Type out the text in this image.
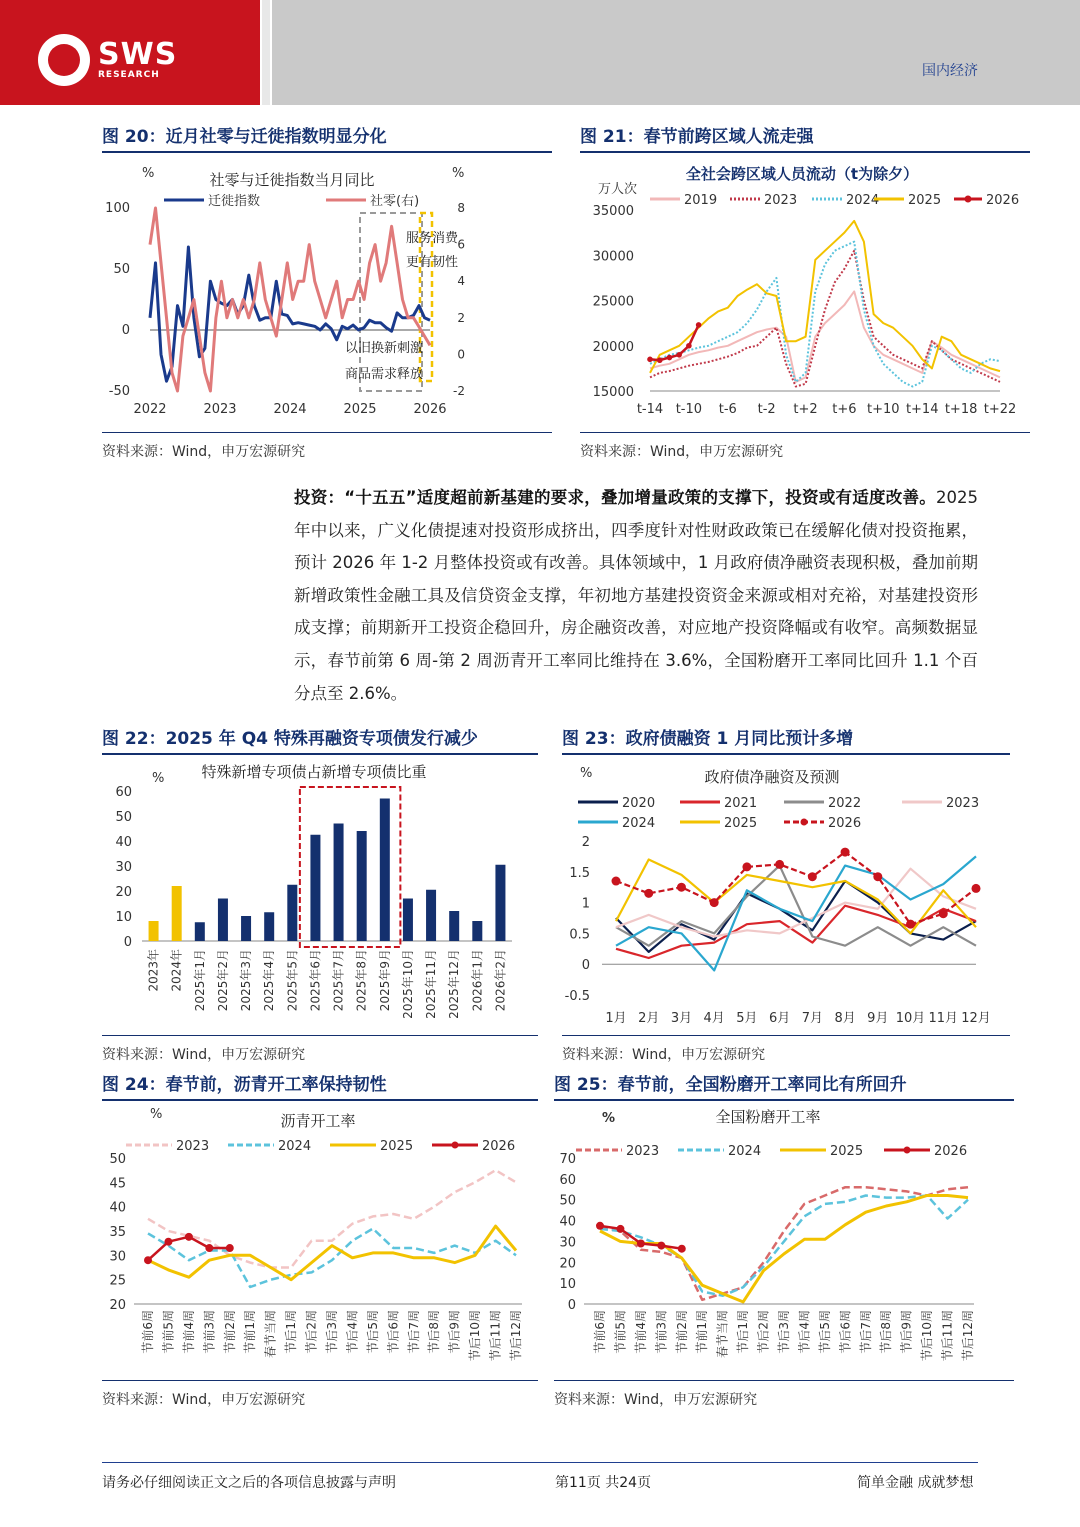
SWS
RESEARCH	国内经济
图 20：近月社零与迁徙指数明显分化
社零与迁徙指数当月同比
%	%
100
50
0
-50
8
6
4
2
0
-2
2022	2023	2024	2025	2026
迁徙指数	社零(右)
服务消费
更有韧性
以旧换新刺激
商品需求释放
资料来源：Wind，申万宏源研究
图 21：春节前跨区域人流走强
全社会跨区域人员流动（t为除夕）
万人次
35000
30000
25000
20000
15000
t-14 t-10 t-6 t-2 t+2 t+6 t+10 t+14 t+18 t+22
2019	2023	2024 2025	2026
资料来源：Wind，申万宏源研究
投资：“十五五”适度超前新基建的要求，叠加增量政策的支撑下，投资或有适度改善。2025 年中以来，广义化债提速对投资形成挤出，四季度针对性财政政策已在缓解化债对投资拖累，预计 2026 年 1-2 月整体投资或有改善。具体领域中，1 月政府债净融资表现积极，叠加前期新增政策性金融工具及信贷资金支撑，年初地方基建投资资金来源或相对充裕，对基建投资形成支撑；前期新开工投资企稳回升，房企融资改善，对应地产投资降幅或有收窄。高频数据显示，春节前第 6 周-第 2 周沥青开工率同比维持在 3.6%，全国粉磨开工率同比回升 1.1 个百分点至 2.6%。
图 22：2025 年 Q4 特殊再融资专项债发行减少
特殊新增专项债占新增专项债比重
%
60
50
40
30
20
10
0
2023年 2024年 2025年1月 2025年2月 2025年3月 2025年4月 2025年5月 2025年6月 2025年7月 2025年8月 2025年9月 2025年10月 2025年11月 2025年12月 2026年1月 2026年2月
资料来源：Wind，申万宏源研究
图 23：政府债融资 1 月同比预计多增
政府债净融资及预测
%
2
1.5
1
0.5
0
-0.5
1月 2月 3月 4月 5月 6月 7月 8月 9月 10月 11月 12月
2020	2021	2022	2023
2024	2025	2026
资料来源：Wind，申万宏源研究
图 24：春节前，沥青开工率保持韧性
沥青开工率
%
50
45
40
35
30
25
20
节前6周 节前5周 节前4周 节前3周 节前2周 节前1周 春节当周 节后1周 节后2周 节后3周 节后4周 节后5周 节后6周 节后7周 节后8周 节后9周 节后10周 节后11周 节后12周
2023	2024	2025	2026
资料来源：Wind，申万宏源研究
图 25：春节前，全国粉磨开工率同比有所回升
全国粉磨开工率
%
70
60
50
40
30
20
10
0
节前6周 节前5周 节前4周 节前3周 节前2周 节前1周 春节当周 节后1周 节后2周 节后3周 节后4周 节后5周 节后6周 节后7周 节后8周 节后9周 节后10周 节后11周 节后12周
2023	2024	2025	2026
资料来源：Wind，申万宏源研究
请务必仔细阅读正文之后的各项信息披露与声明	第11页 共24页	简单金融 成就梦想
